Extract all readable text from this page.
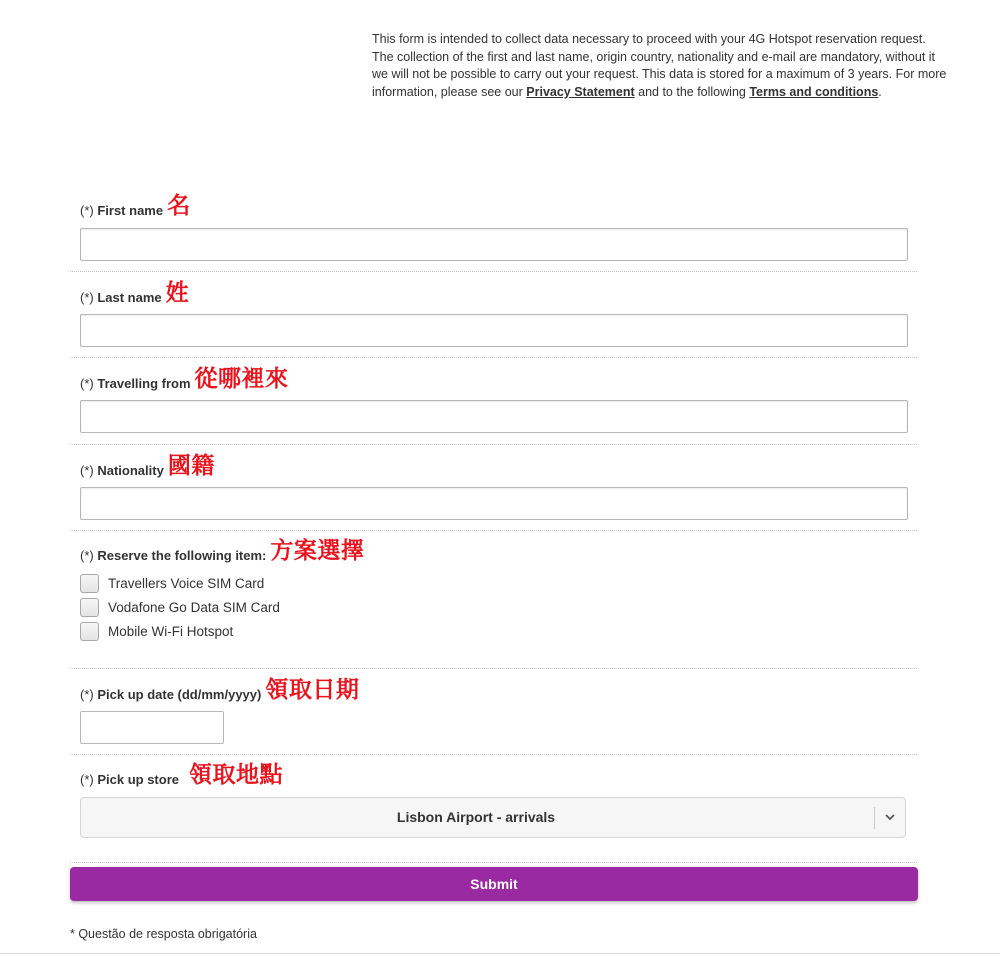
This form is intended to collect data necessary to proceed with your 4G Hotspot reservation request. The collection of the first and last name, origin country, nationality and e-mail are mandatory, without it we will not be possible to carry out your request. This data is stored for a maximum of 3 years. For more information, please see our Privacy Statement and to the following Terms and conditions.
(*) First name 名
(*) Last name 姓
(*) Travelling from 從哪裡來
(*) Nationality 國籍
(*) Reserve the following item: 方案選擇
Travellers Voice SIM Card
Vodafone Go Data SIM Card
Mobile Wi-Fi Hotspot
(*) Pick up date (dd/mm/yyyy) 領取日期
(*) Pick up store 領取地點
Lisbon Airport - arrivals
Submit
* Questão de resposta obrigatória
